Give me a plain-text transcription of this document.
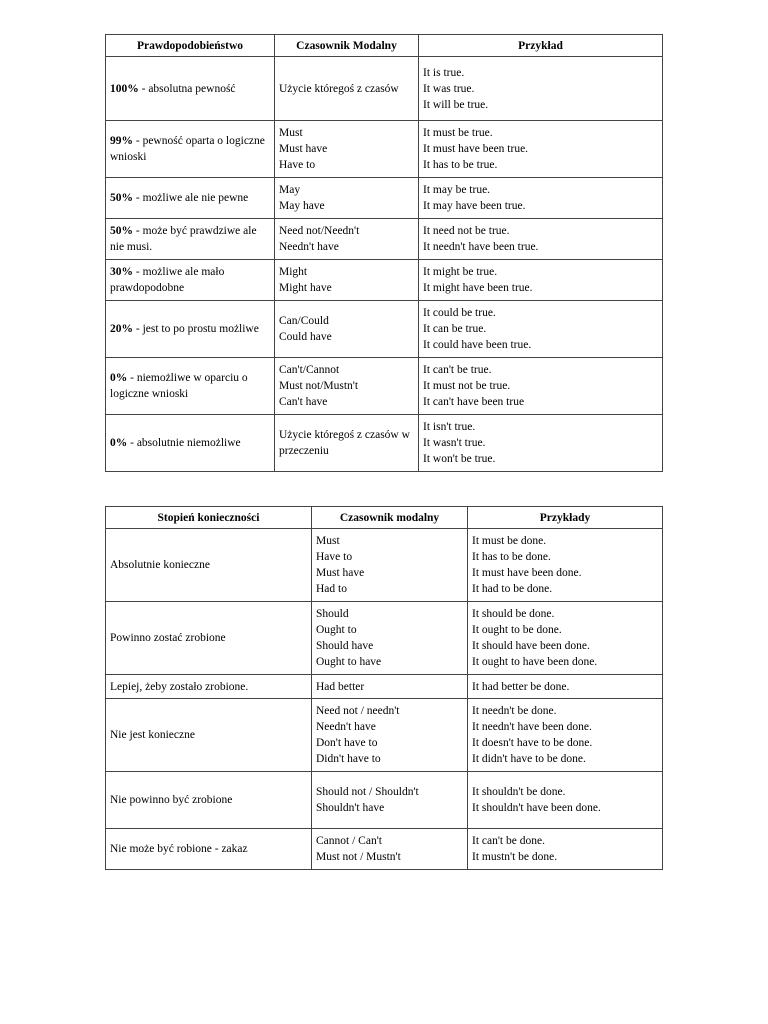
Prawdopodobieństwo	Czasownik Modalny	Przykład
100% - absolutna pewność	Użycie któregoś z czasów	It is true.
It was true.
It will be true.

99% - pewność oparta o logiczne wnioski	Must
Must have
Have to	It must be true.
It must have been true.
It has to be true.

50% - możliwe ale nie pewne	May
May have	It may be true.
It may have been true.

50% - może być prawdziwe ale nie musi.	Need not/Needn't
Needn't have	It need not be true.
It needn't have been true.

30% - możliwe ale mało prawdopodobne	Might
Might have	It might be true.
It might have been true.

20% - jest to po prostu możliwe	Can/Could
Could have	It could be true.
It can be true.
It could have been true.

0% - niemożliwe w oparciu o logiczne wnioski	Can't/Cannot
Must not/Mustn't
Can't have	It can't be true.
It must not be true.
It can't have been true

0% - absolutnie niemożliwe	Użycie któregoś z czasów w przeczeniu	It isn't true.
It wasn't true.
It won't be true.
Stopień konieczności	Czasownik modalny	Przykłady
Absolutnie konieczne	Must
Have to
Must have
Had to	It must be done.
It has to be done.
It must have been done.
It had to be done.

Powinno zostać zrobione	Should
Ought to
Should have
Ought to have	It should be done.
It ought to be done.
It should have been done.
It ought to have been done.

Lepiej, żeby zostało zrobione.	Had better	It had better be done.

Nie jest konieczne	Need not / needn't
Needn't have
Don't have to
Didn't have to	It needn't be done.
It needn't have been done.
It doesn't have to be done.
It didn't have to be done.

Nie powinno być zrobione	Should not / Shouldn't
Shouldn't have	It shouldn't be done.
It shouldn't have been done.

Nie może być robione - zakaz	Cannot / Can't
Must not / Mustn't	It can't be done.
It mustn't be done.
